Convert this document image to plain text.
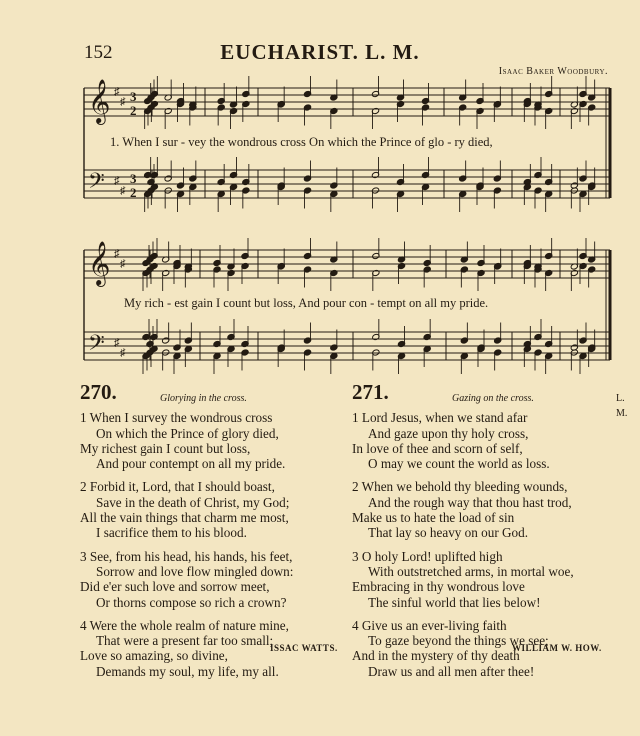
152	EUCHARIST. L. M.
Isaac Baker Woodbury.
𝄞
𝄢
♯
♯
♯
♯
3
2
3
2
𝄞
𝄢
♯
♯
♯
♯
1. When I sur - vey the wondrous cross On which the Prince of glo - ry died,
My rich - est gain I count but loss, And pour con - tempt on all my pride.
270.	Glorying in the cross.
1 When I survey the wondrous cross
On which the Prince of glory died,
My richest gain I count but loss,
And pour contempt on all my pride.
2 Forbid it, Lord, that I should boast,
Save in the death of Christ, my God;
All the vain things that charm me most,
I sacrifice them to his blood.
3 See, from his head, his hands, his feet,
Sorrow and love flow mingled down:
Did e'er such love and sorrow meet,
Or thorns compose so rich a crown?
4 Were the whole realm of nature mine,
That were a present far too small;
Love so amazing, so divine,
Demands my soul, my life, my all.
ISSAC WATTS.
271.	Gazing on the cross.	L. M.
1 Lord Jesus, when we stand afar
And gaze upon thy holy cross,
In love of thee and scorn of self,
O may we count the world as loss.
2 When we behold thy bleeding wounds,
And the rough way that thou hast trod,
Make us to hate the load of sin
That lay so heavy on our God.
3 O holy Lord! uplifted high
With outstretched arms, in mortal woe,
Embracing in thy wondrous love
The sinful world that lies below!
4 Give us an ever-living faith
To gaze beyond the things we see;
And in the mystery of thy death
Draw us and all men after thee!
WILLIAM W. HOW.
